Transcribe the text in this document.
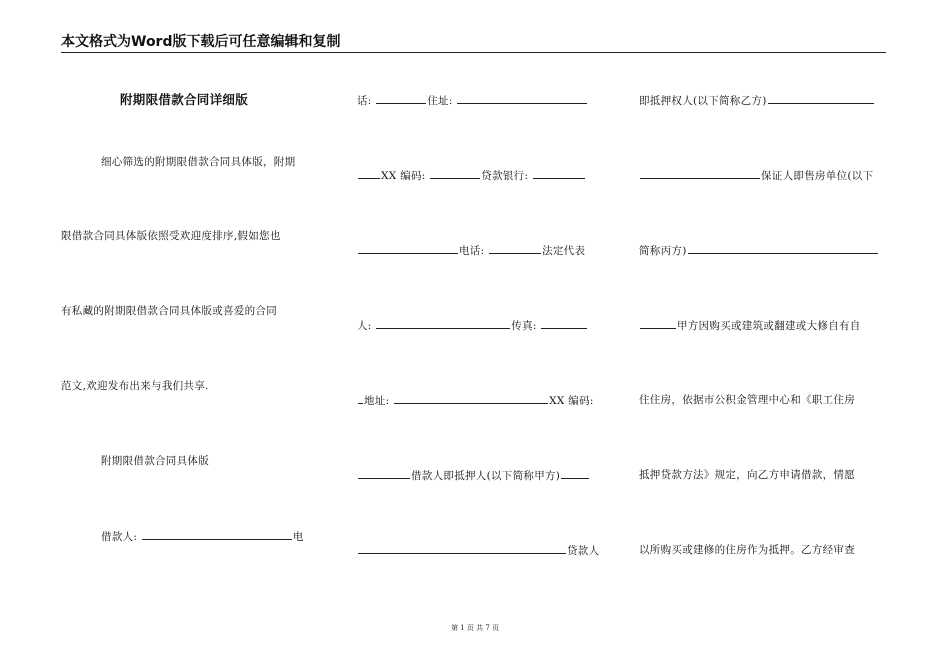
本文格式为Word版下载后可任意编辑和复制
附期限借款合同详细版
细心筛选的附期限借款合同具体版，附期
限借款合同具体版依照受欢迎度排序,假如您也
有私藏的附期限借款合同具体版或喜爱的合同
范文,欢迎发布出来与我们共享.
附期限借款合同具体版
借款人:	电
话:	住址:
XX 编码:	贷款银行:
电话:	法定代表
人:	传真:
地址:	XX 编码:
借款人即抵押人(以下简称甲方)
贷款人
即抵押权人(以下简称乙方)
保证人即售房单位(以下
简称丙方)
甲方因购买或建筑或翻建或大修自有自
住住房，依据市公积金管理中心和《职工住房
抵押贷款方法》规定，向乙方申请借款，情愿
以所购买或建修的住房作为抵押。乙方经审查
第 1 页 共 7 页
